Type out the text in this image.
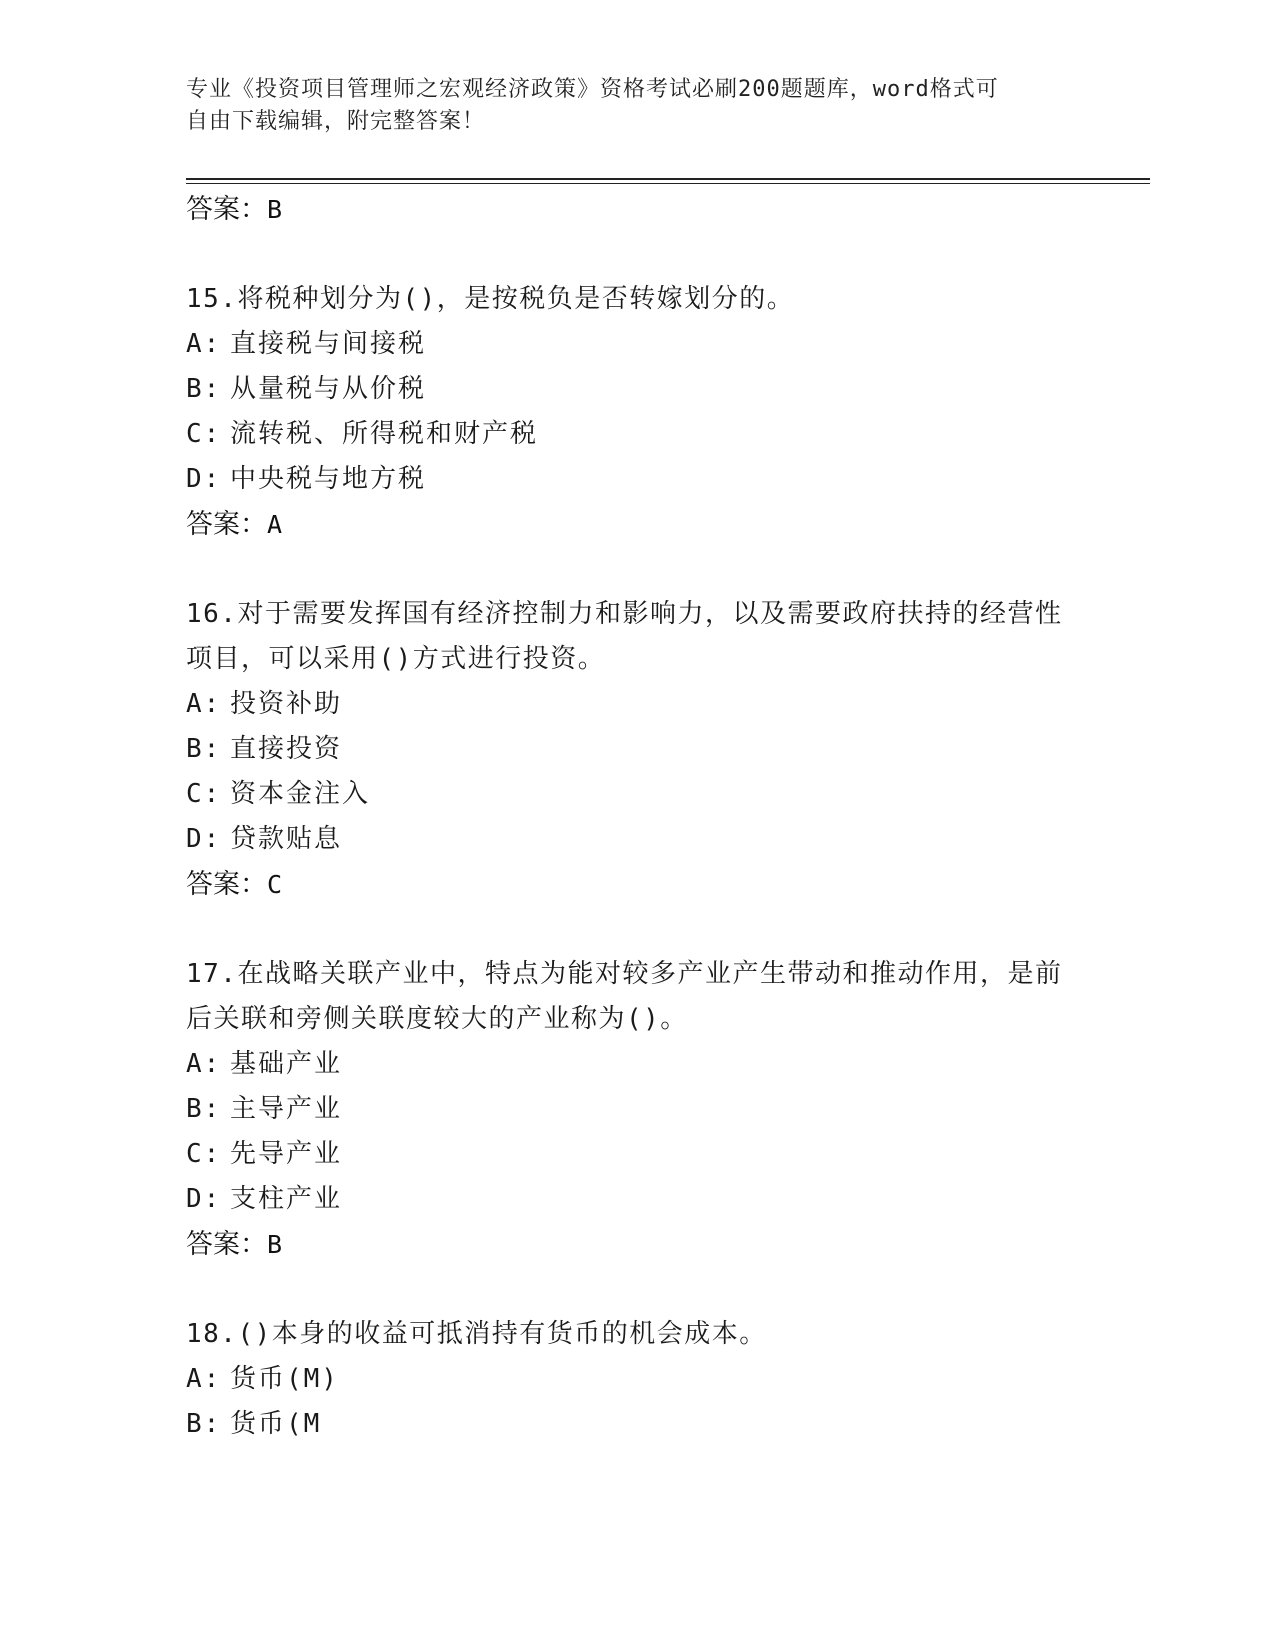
专业《投资项目管理师之宏观经济政策》资格考试必刷200题题库，word格式可
自由下载编辑，附完整答案！

答案：B

15.将税种划分为()，是按税负是否转嫁划分的。

A: 直接税与间接税

B: 从量税与从价税

C: 流转税、所得税和财产税

D: 中央税与地方税

答案：A

16.对于需要发挥国有经济控制力和影响力，以及需要政府扶持的经营性项目，可以采用()方式进行投资。

A: 投资补助

B: 直接投资

C: 资本金注入

D: 贷款贴息

答案：C

17.在战略关联产业中，特点为能对较多产业产生带动和推动作用，是前后关联和旁侧关联度较大的产业称为()。

A: 基础产业

B: 主导产业

C: 先导产业

D: 支柱产业

答案：B

18.()本身的收益可抵消持有货币的机会成本。

A: 货币(M)

B: 货币(M
